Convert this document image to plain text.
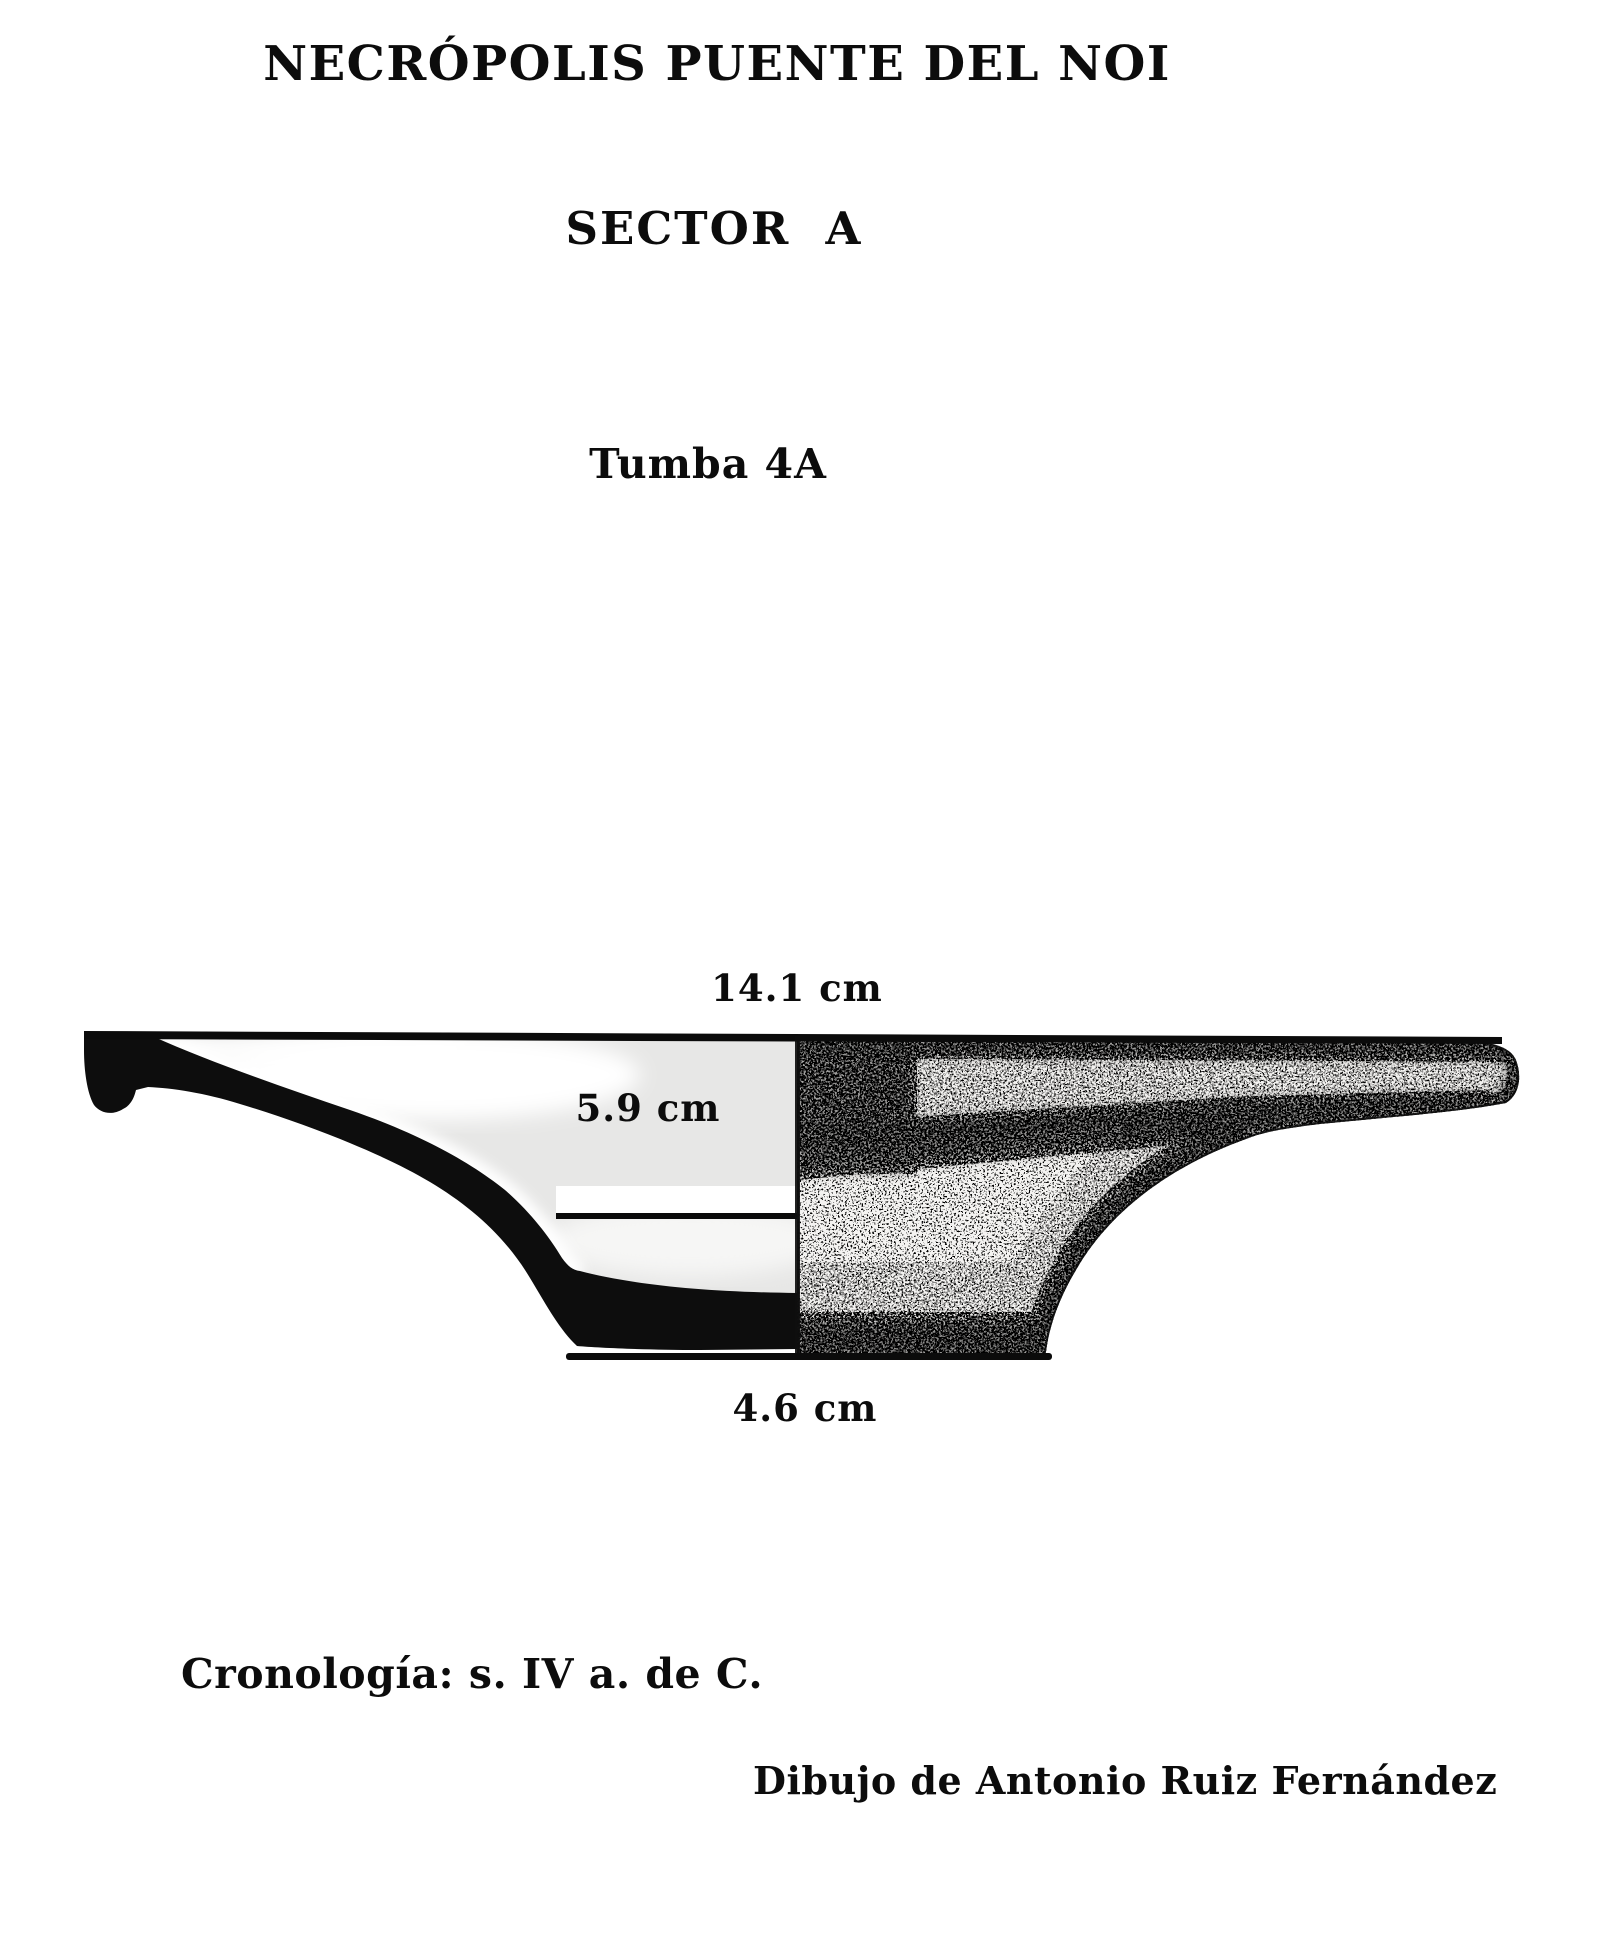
NECRÓPOLIS PUENTE DEL NOI
SECTOR  A
Tumba 4A
14.1 cm
5.9 cm
4.6 cm
Cronología: s. IV a. de C.
Dibujo de Antonio Ruiz Fernández
